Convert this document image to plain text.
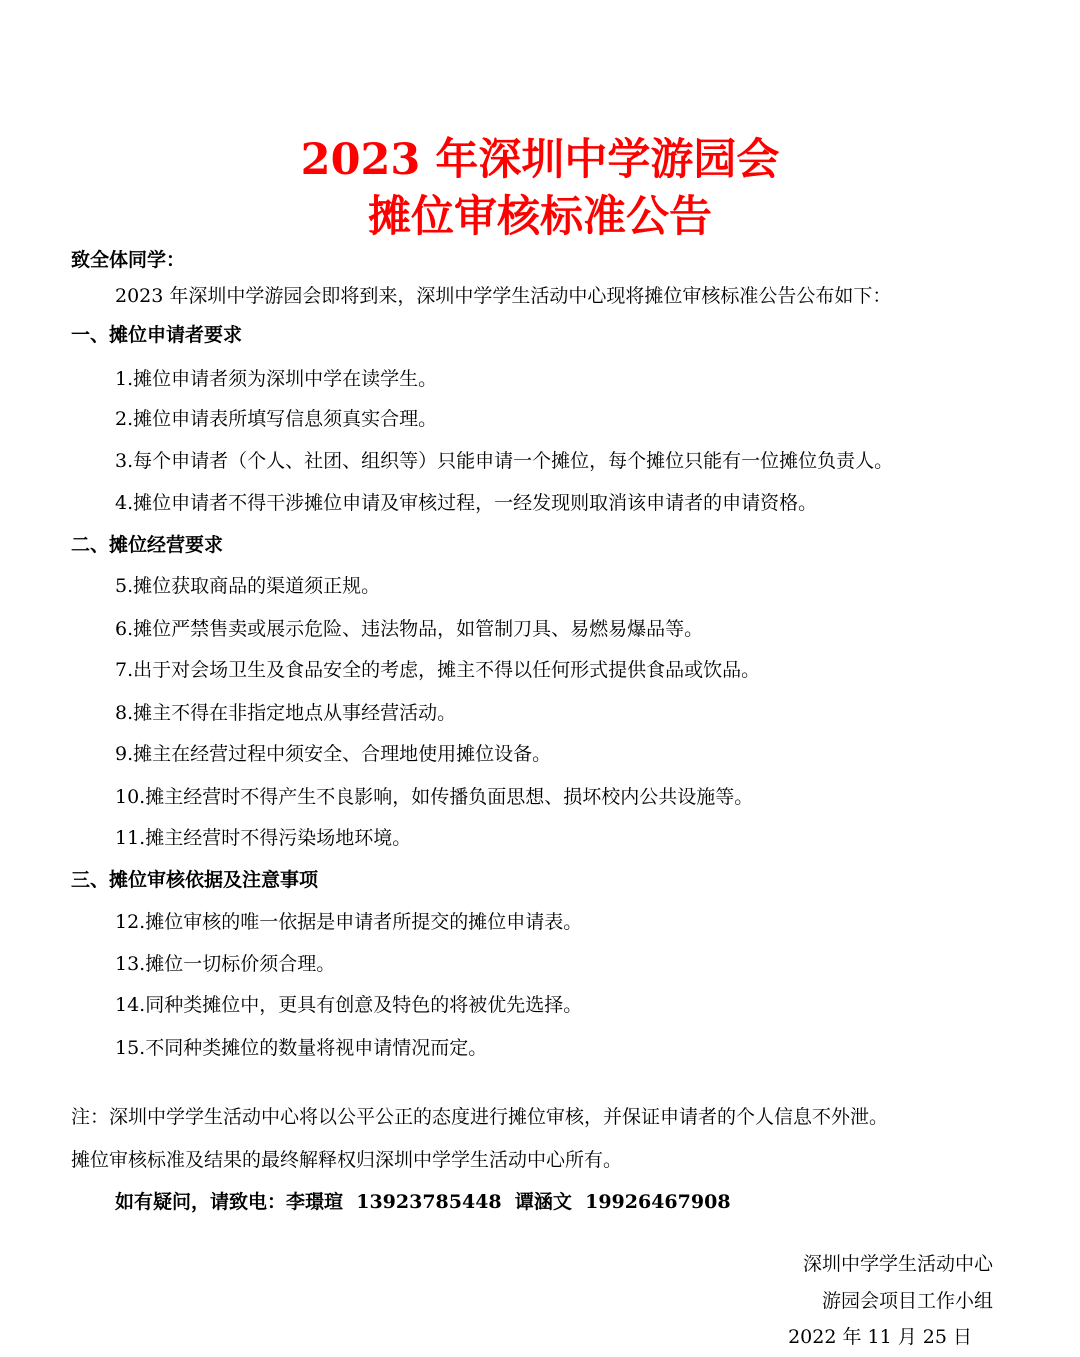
2023 年深圳中学游园会
摊位审核标准公告
致全体同学：
2023 年深圳中学游园会即将到来，深圳中学学生活动中心现将摊位审核标准公告公布如下：
一、摊位申请者要求
1.摊位申请者须为深圳中学在读学生。
2.摊位申请表所填写信息须真实合理。
3.每个申请者（个人、社团、组织等）只能申请一个摊位，每个摊位只能有一位摊位负责人。
4.摊位申请者不得干涉摊位申请及审核过程，一经发现则取消该申请者的申请资格。
二、摊位经营要求
5.摊位获取商品的渠道须正规。
6.摊位严禁售卖或展示危险、违法物品，如管制刀具、易燃易爆品等。
7.出于对会场卫生及食品安全的考虑，摊主不得以任何形式提供食品或饮品。
8.摊主不得在非指定地点从事经营活动。
9.摊主在经营过程中须安全、合理地使用摊位设备。
10.摊主经营时不得产生不良影响，如传播负面思想、损坏校内公共设施等。
11.摊主经营时不得污染场地环境。
三、摊位审核依据及注意事项
12.摊位审核的唯一依据是申请者所提交的摊位申请表。
13.摊位一切标价须合理。
14.同种类摊位中，更具有创意及特色的将被优先选择。
15.不同种类摊位的数量将视申请情况而定。
注：深圳中学学生活动中心将以公平公正的态度进行摊位审核，并保证申请者的个人信息不外泄。
摊位审核标准及结果的最终解释权归深圳中学学生活动中心所有。
如有疑问，请致电：李璟瑄  13923785448  谭涵文  19926467908
深圳中学学生活动中心
游园会项目工作小组
2022 年 11 月 25 日
